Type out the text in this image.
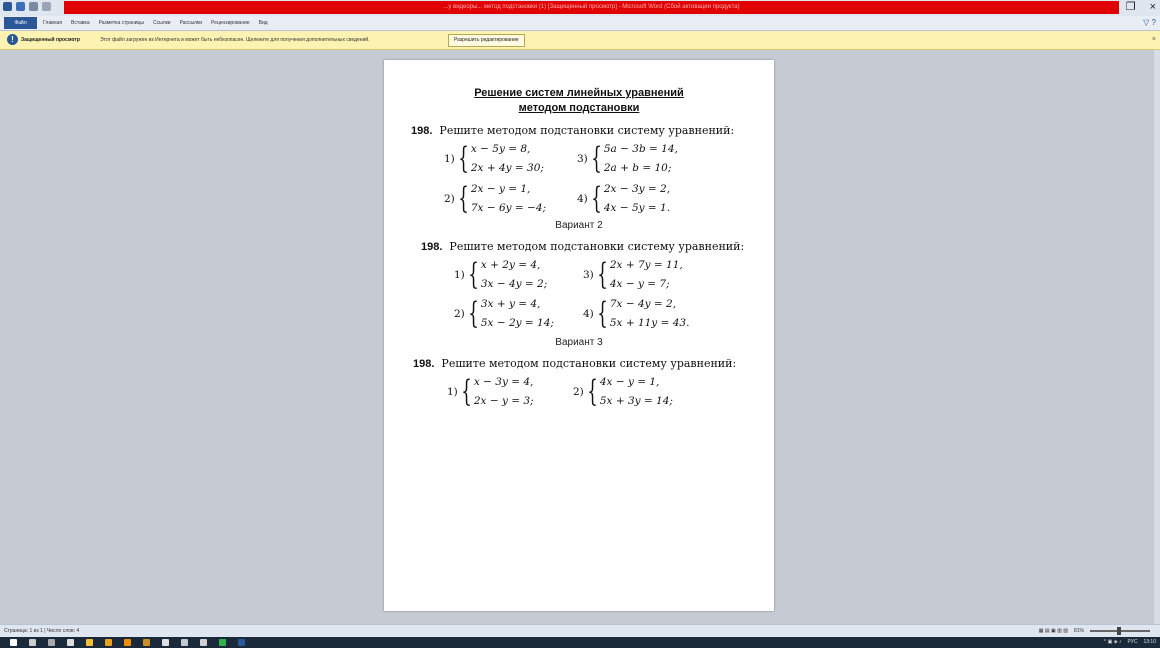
...у видеоры... метод подстановки (1) [Защищенный просмотр] - Microsoft Word (Сбой активации продукта)	❐ ×
Файл	Главная Вставка Разметка страницы Ссылки Рассылки Рецензирование Вид	▽ ?
!	Защищенный просмотр	Этот файл загружен из Интернета и может быть небезопасен. Щелкните для получения дополнительных сведений.	Разрешить редактирование	×
Решение систем линейных уравнений
методом подстановки
198. Решите методом подстановки систему уравнений:
1) { x − 5y = 8,
2x + 4y = 30;
3) { 5a − 3b = 14,
2a + b = 10;
2) { 2x − y = 1,
7x − 6y = −4;
4) { 2x − 3y = 2,
4x − 5y = 1.
Вариант 2
198. Решите методом подстановки систему уравнений:
1) { x + 2y = 4,
3x − 4y = 2;
3) { 2x + 7y = 11,
4x − y = 7;
2) { 3x + y = 4,
5x − 2y = 14;
4) { 7x − 4y = 2,
5x + 11y = 43.
Вариант 3
198. Решите методом подстановки систему уравнений:
1) { x − 3y = 4,
2x − y = 3;
2) { 4x − y = 1,
5x + 3y = 14;
Страница: 1 из 1 | Число слов: 4	▦ ▤ ▣ ▥ ▧ 81%
^ ▣ ◈ ♪ РУС 13:10
